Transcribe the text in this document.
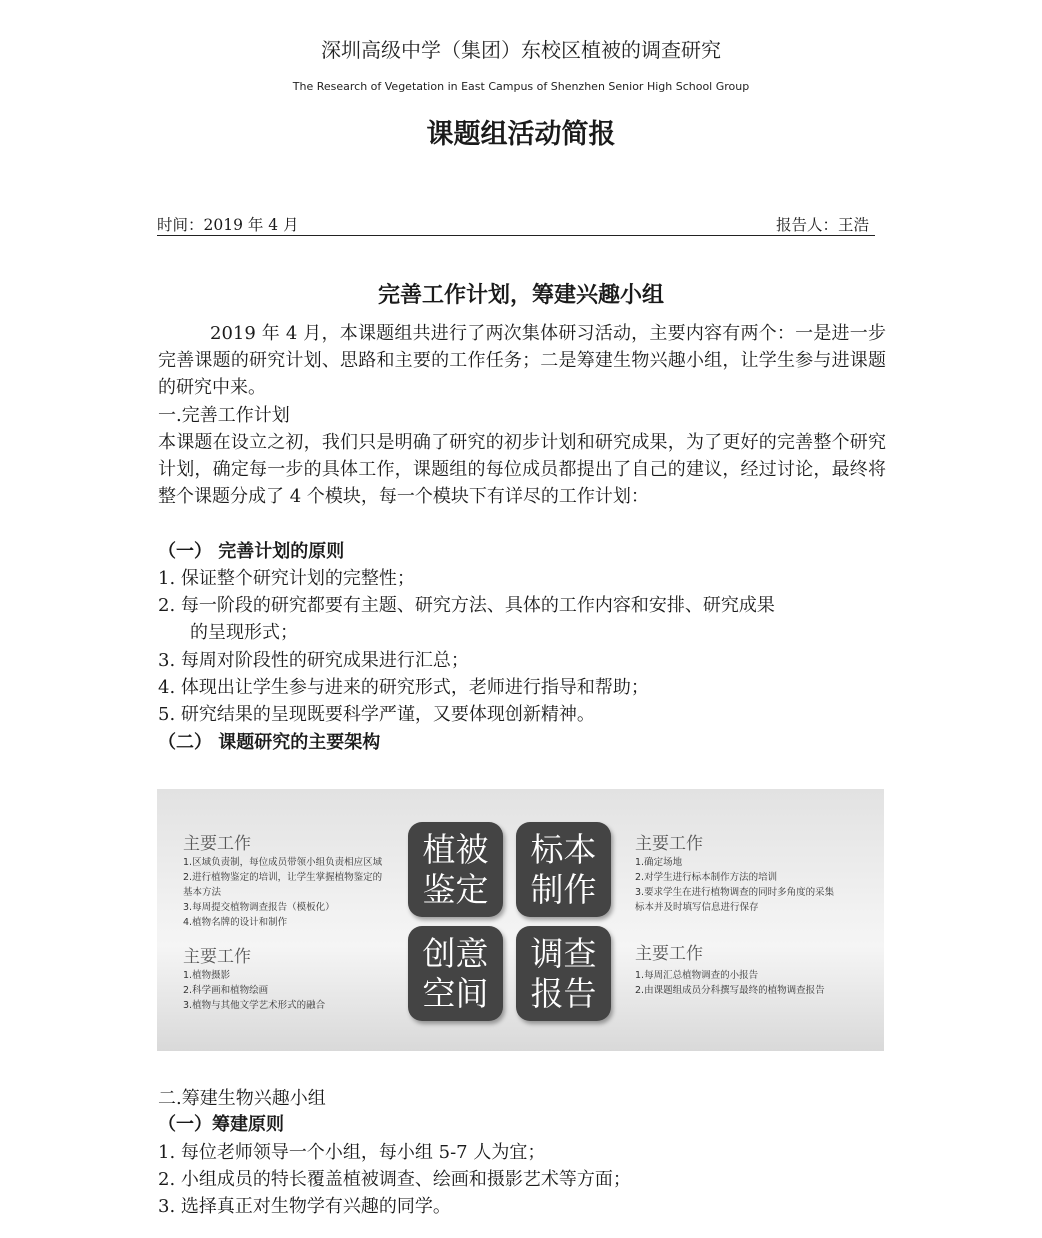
深圳高级中学（集团）东校区植被的调查研究
The Research of Vegetation in East Campus of Shenzhen Senior High School Group
课题组活动简报
时间：2019 年 4 月	报告人：王浩
完善工作计划，筹建兴趣小组
2019 年 4 月，本课题组共进行了两次集体研习活动，主要内容有两个：一是进一步完善课题的研究计划、思路和主要的工作任务；二是筹建生物兴趣小组，让学生参与进课题的研究中来。
一.完善工作计划
本课题在设立之初，我们只是明确了研究的初步计划和研究成果，为了更好的完善整个研究计划，确定每一步的具体工作，课题组的每位成员都提出了自己的建议，经过讨论，最终将整个课题分成了 4 个模块，每一个模块下有详尽的工作计划：
（一） 完善计划的原则
1. 保证整个研究计划的完整性；
2. 每一阶段的研究都要有主题、研究方法、具体的工作内容和安排、研究成果
的呈现形式；
3. 每周对阶段性的研究成果进行汇总；
4. 体现出让学生参与进来的研究形式，老师进行指导和帮助；
5. 研究结果的呈现既要科学严谨，又要体现创新精神。
（二） 课题研究的主要架构
主要工作
1.区域负责制，每位成员带领小组负责相应区域
2.进行植物鉴定的培训，让学生掌握植物鉴定的
基本方法
3.每周提交植物调查报告（模板化）
4.植物名牌的设计和制作
主要工作
1.确定场地
2.对学生进行标本制作方法的培训
3.要求学生在进行植物调查的同时多角度的采集
标本并及时填写信息进行保存
主要工作
1.植物摄影
2.科学画和植物绘画
3.植物与其他文学艺术形式的融合
主要工作
1.每周汇总植物调查的小报告
2.由课题组成员分科撰写最终的植物调查报告
植被
鉴定
标本
制作
创意
空间
调查
报告
二.筹建生物兴趣小组
（一）筹建原则
1. 每位老师领导一个小组，每小组 5-7 人为宜；
2. 小组成员的特长覆盖植被调查、绘画和摄影艺术等方面；
3. 选择真正对生物学有兴趣的同学。
